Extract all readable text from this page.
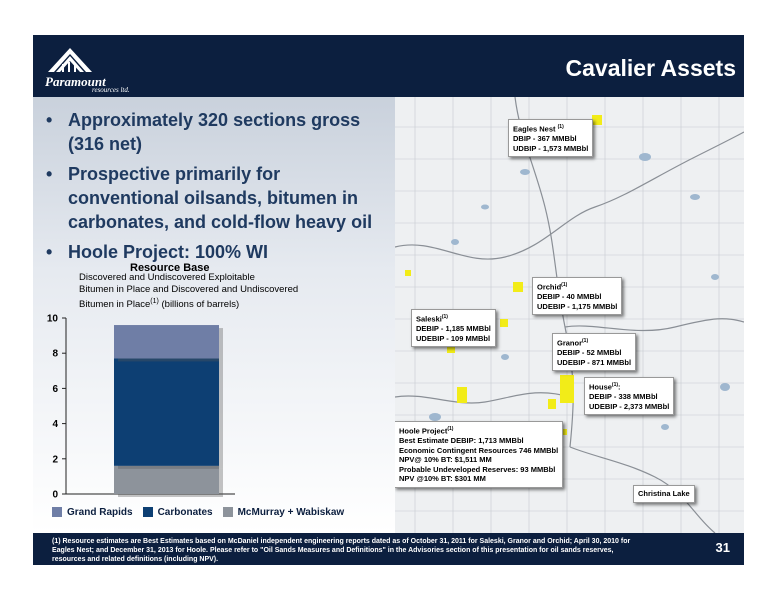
Paramount
resources ltd.
Cavalier Assets
• Approximately 320 sections gross (316 net)
• Prospective primarily for conventional oilsands, bitumen in carbonates, and cold-flow heavy oil
• Hoole Project: 100% WI
Resource Base
Discovered and Undiscovered Exploitable
Bitumen in Place and Discovered and Undiscovered
Bitumen in Place$^{(1)}$ (billions of barrels)
0
2
4
6
8
10
Grand Rapids	Carbonates	McMurray + Wabiskaw
Eagles Nest $^{(1)}$
DBIP - 367 MMBbl
UDBIP - 1,573 MMBbl
Orchid$^{(1)}$
DEBIP - 40 MMBbl
UDEBIP - 1,175 MMBbl
Saleski$^{(1)}$
DEBIP - 1,185 MMBbl
UDEBIP - 109 MMBbl
Granor$^{(1)}$
DEBIP - 52 MMBbl
UDEBIP - 871 MMBbl
House$^{(1)}$:
DEBIP - 338 MMBbl
UDEBIP - 2,373 MMBbl
Hoole Project$^{(1)}$
Best Estimate DEBIP: 1,713 MMBbl
Economic Contingent Resources 746 MMBbl
NPV@ 10% BT: $1,511 MM
Probable Undeveloped Reserves: 93 MMBbl
NPV @10% BT: $301 MM
Christina Lake
(1) Resource estimates are Best Estimates based on McDaniel independent engineering reports dated as of October 31, 2011 for Saleski, Granor and Orchid; April 30, 2010 for Eagles Nest; and December 31, 2013 for Hoole. Please refer to "Oil Sands Measures and Definitions" in the Advisories section of this presentation for oil sands reserves, resources and related definitions (including NPV).
31
